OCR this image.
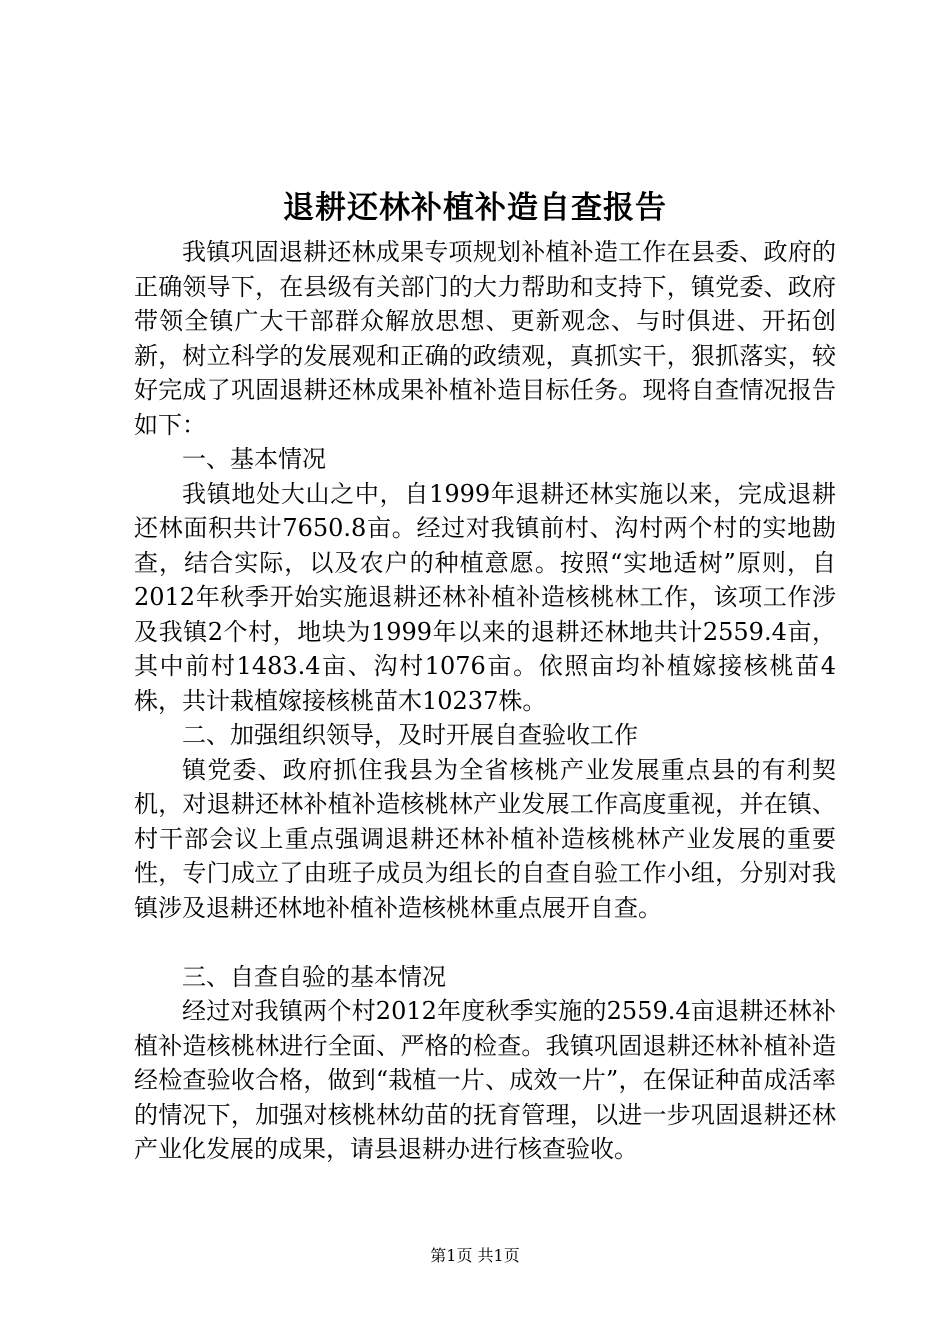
退耕还林补植补造自查报告

我镇巩固退耕还林成果专项规划补植补造工作在县委、政府的正确领导下，在县级有关部门的大力帮助和支持下，镇党委、政府带领全镇广大干部群众解放思想、更新观念、与时俱进、开拓创新，树立科学的发展观和正确的政绩观，真抓实干，狠抓落实，较好完成了巩固退耕还林成果补植补造目标任务。现将自查情况报告如下：

一、基本情况

我镇地处大山之中，自1999年退耕还林实施以来，完成退耕还林面积共计7650.8亩。经过对我镇前村、沟村两个村的实地勘查，结合实际，以及农户的种植意愿。按照“实地适树”原则，自2012年秋季开始实施退耕还林补植补造核桃林工作，该项工作涉及我镇2个村，地块为1999年以来的退耕还林地共计2559.4亩，其中前村1483.4亩、沟村1076亩。依照亩均补植嫁接核桃苗4株，共计栽植嫁接核桃苗木10237株。

二、加强组织领导，及时开展自查验收工作

镇党委、政府抓住我县为全省核桃产业发展重点县的有利契机，对退耕还林补植补造核桃林产业发展工作高度重视，并在镇、村干部会议上重点强调退耕还林补植补造核桃林产业发展的重要性，专门成立了由班子成员为组长的自查自验工作小组，分别对我镇涉及退耕还林地补植补造核桃林重点展开自查。

三、自查自验的基本情况

经过对我镇两个村2012年度秋季实施的2559.4亩退耕还林补植补造核桃林进行全面、严格的检查。我镇巩固退耕还林补植补造经检查验收合格，做到“栽植一片、成效一片”，在保证种苗成活率的情况下，加强对核桃林幼苗的抚育管理，以进一步巩固退耕还林产业化发展的成果，请县退耕办进行核查验收。

第1页 共1页
